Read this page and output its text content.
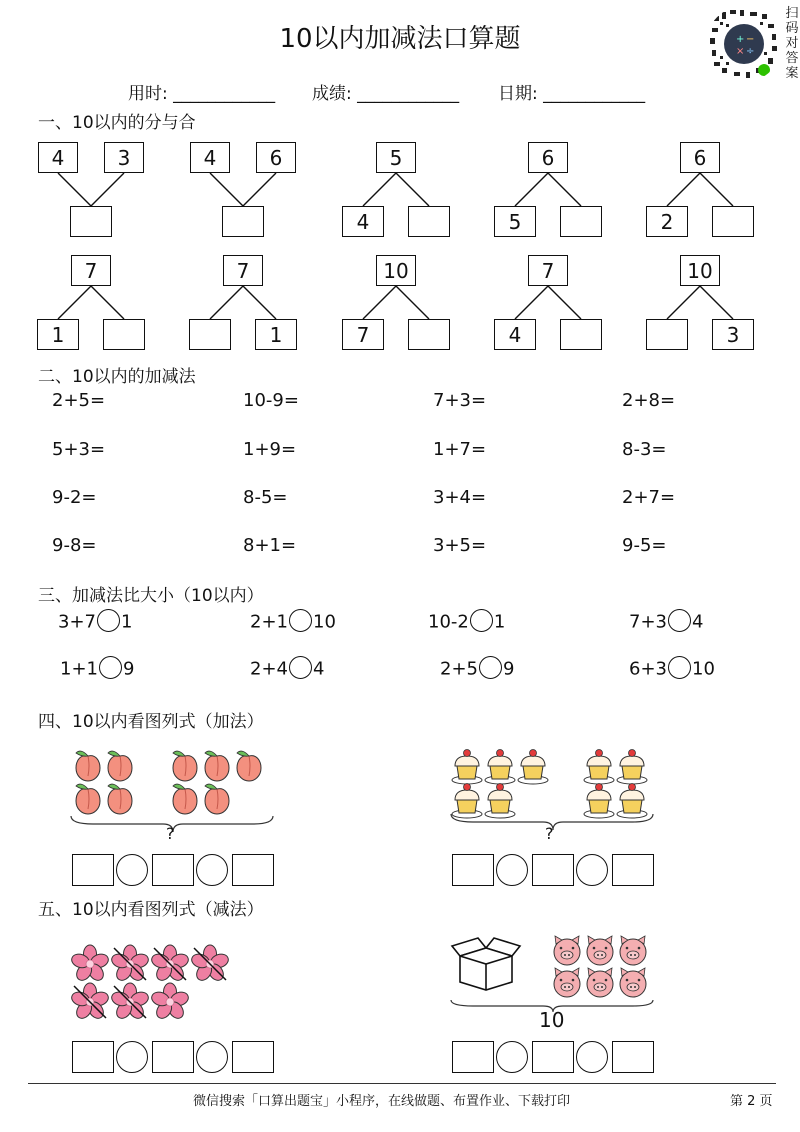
10以内加减法口算题	+ −
× ÷
扫
码
对
答
案
用时: ____________ 成绩: ____________ 日期: ____________
一、10以内的分与合
4	3	4	6	5
4
6
5
6
2
7
1
7
1
10
7
7
4
10
3
二、10以内的加减法
2+5=	10-9=	7+3=	2+8=
5+3=	1+9=	1+7=	8-3=
9-2=	8-5=	3+4=	2+7=
9-8=	8+1=	3+5=	9-5=
三、加减法比大小（10以内）
3+7 1	2+1 10	10-2 1	7+3 4
1+1 9	2+4 4	2+5 9	6+3 10
四、10以内看图列式（加法）
?	?
五、10以内看图列式（减法）
10
微信搜索「口算出题宝」小程序，在线做题、布置作业、下载打印	第 2 页
